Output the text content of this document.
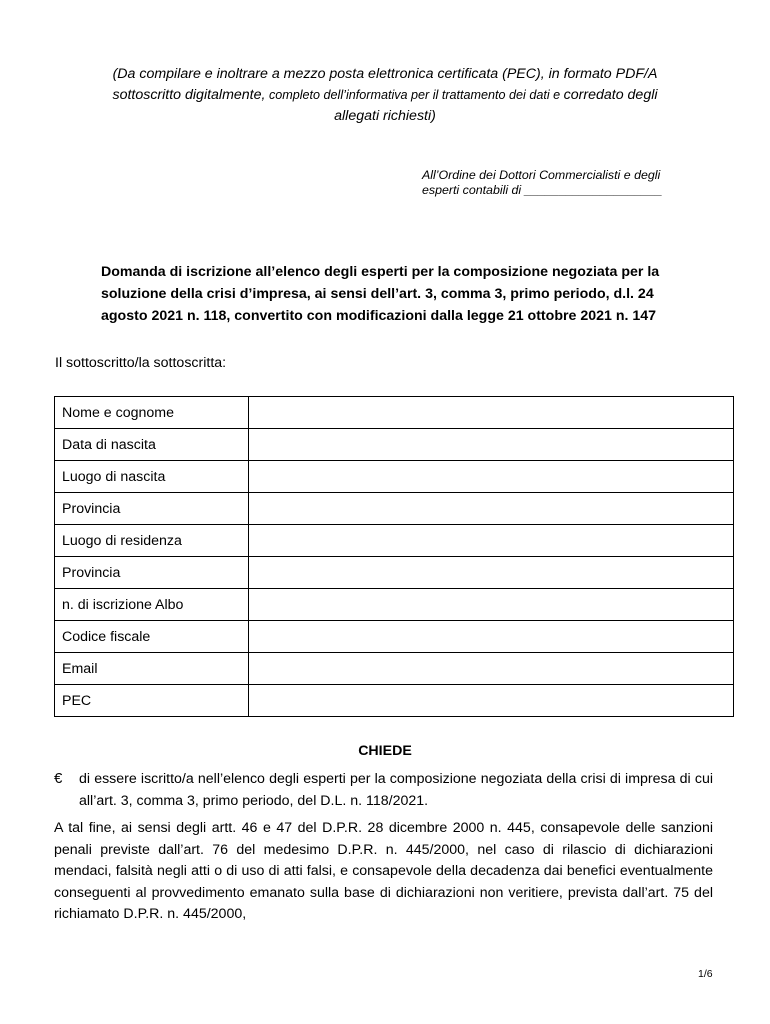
(Da compilare e inoltrare a mezzo posta elettronica certificata (PEC), in formato PDF/A
sottoscritto digitalmente, completo dell’informativa per il trattamento dei dati e corredato degli
allegati richiesti)
All’Ordine dei Dottori Commercialisti e degli
esperti contabili di ____________________
Domanda di iscrizione all’elenco degli esperti per la composizione negoziata per la
soluzione della crisi d’impresa, ai sensi dell’art. 3, comma 3, primo periodo, d.l. 24
agosto 2021 n. 118, convertito con modificazioni dalla legge 21 ottobre 2021 n. 147
Il sottoscritto/la sottoscritta:
Nome e cognome	
Data di nascita	
Luogo di nascita	
Provincia	
Luogo di residenza	
Provincia	
n. di iscrizione Albo	
Codice fiscale	
Email	
PEC	
CHIEDE
€ di essere iscritto/a nell’elenco degli esperti per la composizione negoziata della crisi di impresa di cui all’art. 3, comma 3, primo periodo, del D.L. n. 118/2021.
A tal fine, ai sensi degli artt. 46 e 47 del D.P.R. 28 dicembre 2000 n. 445, consapevole delle sanzioni penali previste dall’art. 76 del medesimo D.P.R. n. 445/2000, nel caso di rilascio di dichiarazioni mendaci, falsità negli atti o di uso di atti falsi, e consapevole della decadenza dai benefici eventualmente conseguenti al provvedimento emanato sulla base di dichiarazioni non veritiere, prevista dall’art. 75 del richiamato D.P.R. n. 445/2000,
1/6
